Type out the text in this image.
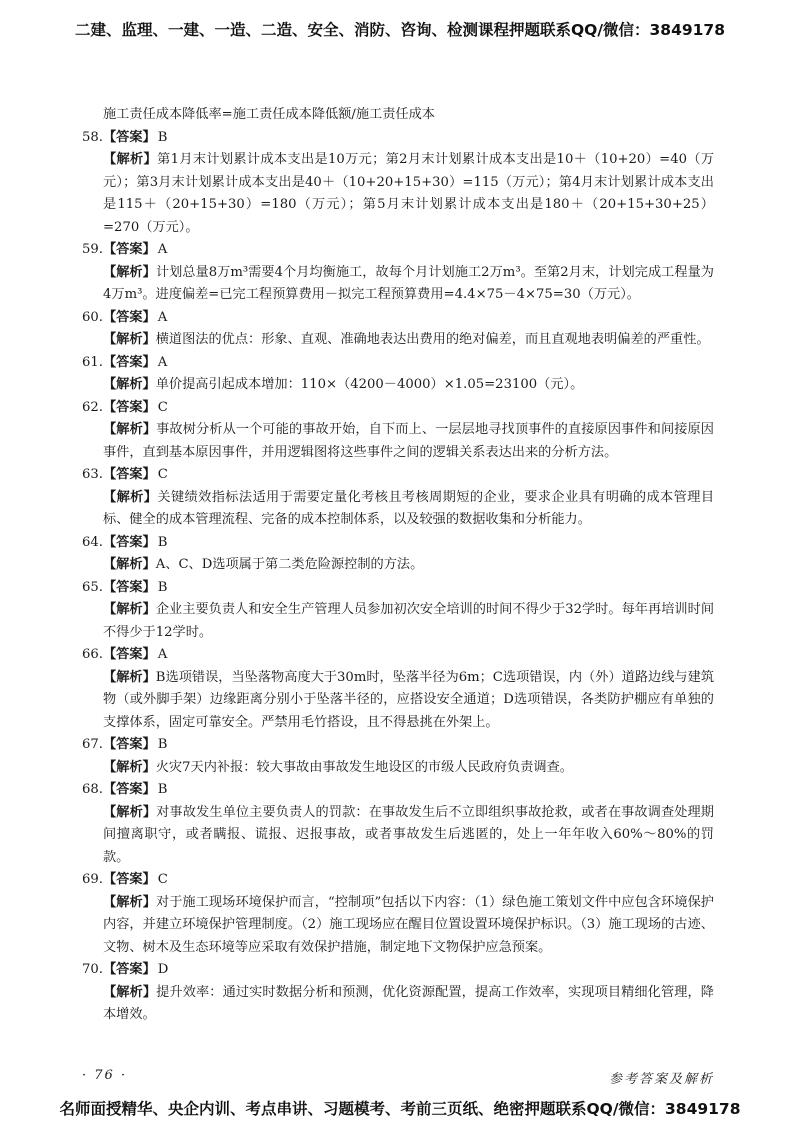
二建、监理、一建、一造、二造、安全、消防、咨询、检测课程押题联系QQ/微信：3849178

施工责任成本降低率=施工责任成本降低额/施工责任成本

58.【答案】 B

【解析】第1月末计划累计成本支出是10万元；第2月末计划累计成本支出是10＋（10+20）=40（万元）；第3月末计划累计成本支出是40＋（10+20+15+30）=115（万元）；第4月末计划累计成本支出是115＋（20+15+30）=180（万元）；第5月末计划累计成本支出是180＋（20+15+30+25）=270（万元）。

59.【答案】 A

【解析】计划总量8万m³需要4个月均衡施工，故每个月计划施工2万m³。至第2月末，计划完成工程量为4万m³。进度偏差=已完工程预算费用－拟完工程预算费用=4.4×75－4×75=30（万元）。

60.【答案】 A

【解析】横道图法的优点：形象、直观、准确地表达出费用的绝对偏差，而且直观地表明偏差的严重性。

61.【答案】 A

【解析】单价提高引起成本增加：110×（4200－4000）×1.05=23100（元）。

62.【答案】 C

【解析】事故树分析从一个可能的事故开始，自下而上、一层层地寻找顶事件的直接原因事件和间接原因事件，直到基本原因事件，并用逻辑图将这些事件之间的逻辑关系表达出来的分析方法。

63.【答案】 C

【解析】关键绩效指标法适用于需要定量化考核且考核周期短的企业，要求企业具有明确的成本管理目标、健全的成本管理流程、完备的成本控制体系，以及较强的数据收集和分析能力。

64.【答案】 B

【解析】A、C、D选项属于第二类危险源控制的方法。

65.【答案】 B

【解析】企业主要负责人和安全生产管理人员参加初次安全培训的时间不得少于32学时。每年再培训时间不得少于12学时。

66.【答案】 A

【解析】B选项错误，当坠落物高度大于30m时，坠落半径为6m；C选项错误，内（外）道路边线与建筑物（或外脚手架）边缘距离分别小于坠落半径的，应搭设安全通道；D选项错误，各类防护棚应有单独的支撑体系，固定可靠安全。严禁用毛竹搭设，且不得悬挑在外架上。

67.【答案】 B

【解析】火灾7天内补报：较大事故由事故发生地设区的市级人民政府负责调查。

68.【答案】 B

【解析】对事故发生单位主要负责人的罚款：在事故发生后不立即组织事故抢救，或者在事故调查处理期间擅离职守，或者瞒报、谎报、迟报事故，或者事故发生后逃匿的，处上一年年收入60%～80%的罚款。

69.【答案】 C

【解析】对于施工现场环境保护而言，“控制项”包括以下内容：（1）绿色施工策划文件中应包含环境保护内容，并建立环境保护管理制度。（2）施工现场应在醒目位置设置环境保护标识。（3）施工现场的古迹、文物、树木及生态环境等应采取有效保护措施，制定地下文物保护应急预案。

70.【答案】 D

【解析】提升效率：通过实时数据分析和预测，优化资源配置，提高工作效率，实现项目精细化管理，降本增效。

· 76 ·	参考答案及解析
名师面授精华、央企内训、考点串讲、习题模考、考前三页纸、绝密押题联系QQ/微信：3849178
